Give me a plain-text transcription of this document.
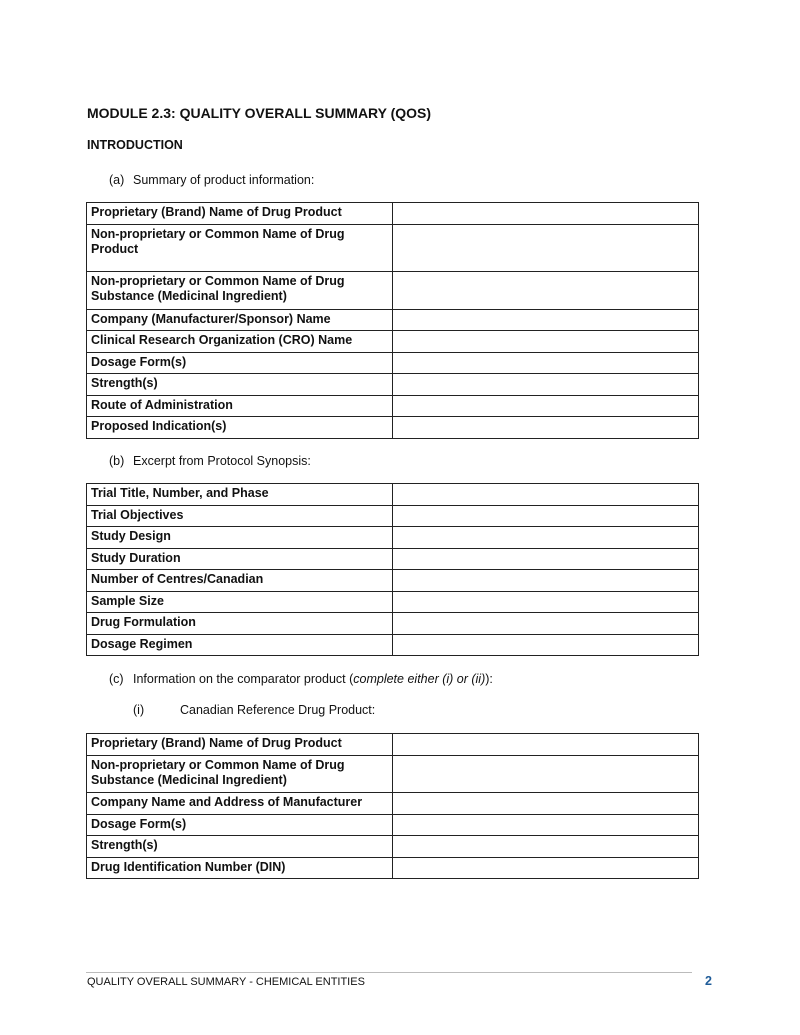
MODULE 2.3: QUALITY OVERALL SUMMARY (QOS)
INTRODUCTION
(a) Summary of product information:
Proprietary (Brand) Name of Drug Product	
Non-proprietary or Common Name of Drug Product	
Non-proprietary or Common Name of Drug Substance (Medicinal Ingredient)	
Company (Manufacturer/Sponsor) Name	
Clinical Research Organization (CRO) Name	
Dosage Form(s)	
Strength(s)	
Route of Administration	
Proposed Indication(s)	
(b) Excerpt from Protocol Synopsis:
Trial Title, Number, and Phase	
Trial Objectives	
Study Design	
Study Duration	
Number of Centres/Canadian	
Sample Size	
Drug Formulation	
Dosage Regimen	
(c) Information on the comparator product (complete either (i) or (ii)):
(i)	Canadian Reference Drug Product:
Proprietary (Brand) Name of Drug Product	
Non-proprietary or Common Name of Drug Substance (Medicinal Ingredient)	
Company Name and Address of Manufacturer	
Dosage Form(s)	
Strength(s)	
Drug Identification Number (DIN)	
QUALITY OVERALL SUMMARY - CHEMICAL ENTITIES	2
